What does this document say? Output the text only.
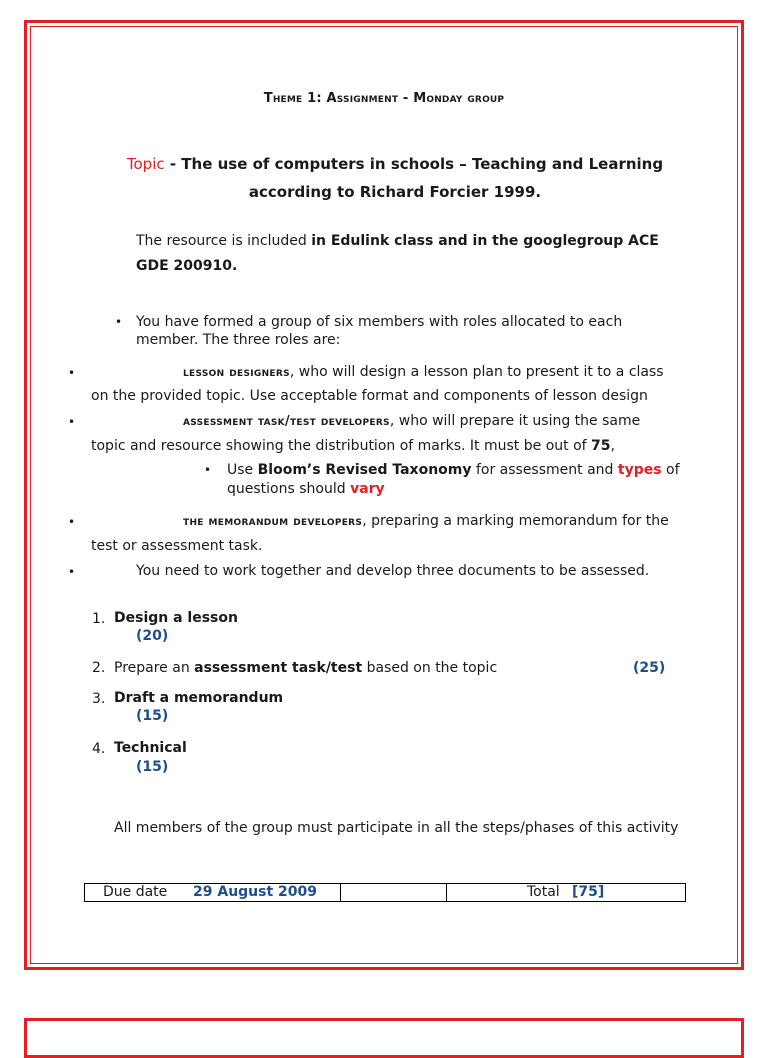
Theme 1: Assignment - Monday group
Topic - The use of computers in schools – Teaching and Learning
according to Richard Forcier 1999.
The resource is included in Edulink class and in the googlegroup ACE
GDE 200910.
• You have formed a group of six members with roles allocated to each
member. The three roles are:
•	lesson designers, who will design a lesson plan to present it to a class
on the provided topic. Use acceptable format and components of lesson design
•	assessment task/test developers, who will prepare it using the same
topic and resource showing the distribution of marks. It must be out of 75,
• Use Bloom’s Revised Taxonomy for assessment and types of
questions should vary
•	the memorandum developers, preparing a marking memorandum for the
test or assessment task.
•	You need to work together and develop three documents to be assessed.
1. Design a lesson
(20)
2. Prepare an assessment task/test based on the topic	(25)
3. Draft a memorandum
(15)
4. Technical
(15)
All members of the group must participate in all the steps/phases of this activity
Due date 29 August 2009	Total [75]
